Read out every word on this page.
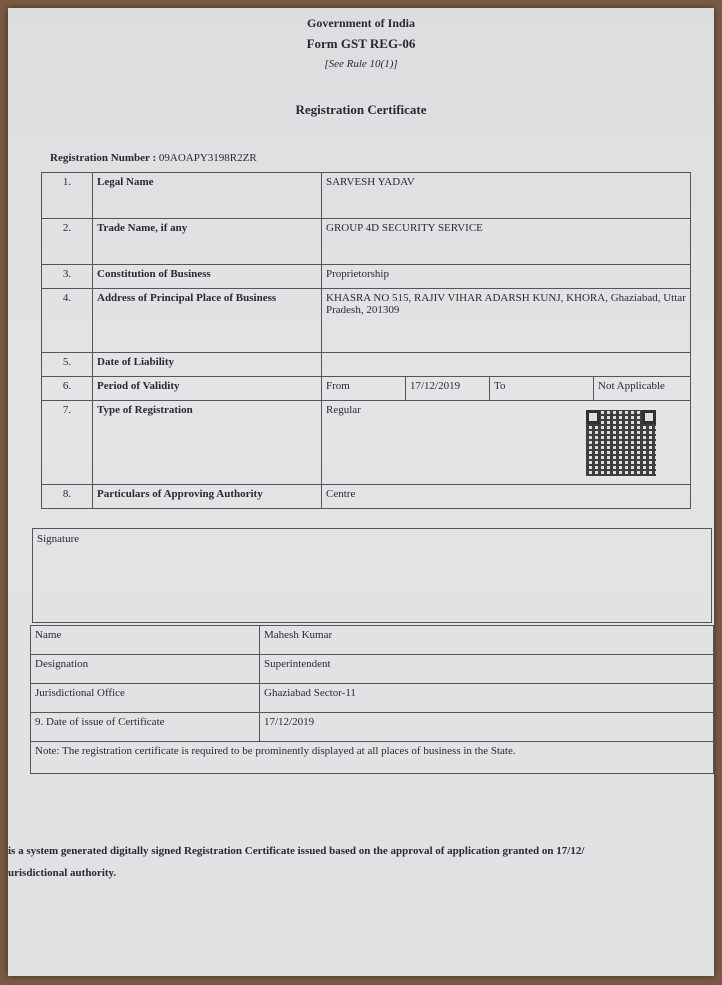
Government of India
Form GST REG-06
[See Rule 10(1)]
Registration Certificate
Registration Number : 09AOAPY3198R2ZR
1.	Legal Name	SARVESH YADAV			
2.	Trade Name, if any	GROUP 4D SECURITY SERVICE			
3.	Constitution of Business	Proprietorship			
4.	Address of Principal Place of Business	KHASRA NO 515, RAJIV VIHAR ADARSH KUNJ, KHORA, Ghaziabad, Uttar Pradesh, 201309			
5.	Date of Liability				
6.	Period of Validity	From	17/12/2019	To	Not Applicable
7.	Type of Registration	Regular			
8.	Particulars of Approving Authority	Centre			
Signature
Name	Mahesh Kumar
Designation	Superintendent
Jurisdictional Office	Ghaziabad Sector-11
9. Date of issue of Certificate	17/12/2019
Note: The registration certificate is required to be prominently displayed at all places of business in the State.	
is a system generated digitally signed Registration Certificate issued based on the approval of application granted on 17/12/
urisdictional authority.
